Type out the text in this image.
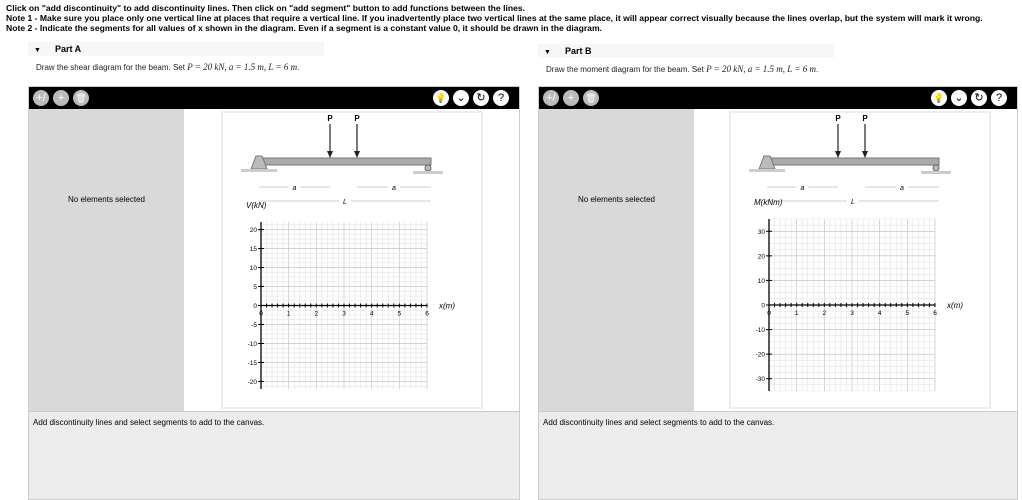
Click on "add discontinuity" to add discontinuity lines. Then click on "add segment" button to add functions between the lines.
Note 1 - Make sure you place only one vertical line at places that require a vertical line. If you inadvertently place two vertical lines at the same place, it will appear correct visually because the lines overlap, but the system will mark it wrong.
Note 2 - Indicate the segments for all values of x shown in the diagram. Even if a segment is a constant value 0, it should be drawn in the diagram.
▼ Part A
Draw the shear diagram for the beam. Set P = 20 kN, a = 1.5 m, L = 6 m.
+/	+	🗑	💡 ⌄ ↻	?
No elements selected
P	P
a	a
L
V(kN)
0	1	2	3	4	5	6
20
15
10
5
0
-5
-10
-15
-20
x(m)
Add discontinuity lines and select segments to add to the canvas.
▼ Part B
Draw the moment diagram for the beam. Set P = 20 kN, a = 1.5 m, L = 6 m.
+/	+	🗑	💡 ⌄ ↻	?
No elements selected
P	P
a	a
L
M(kNm)
0	1	2	3	4	5	6
30
20
10
0
-10
-20
-30
x(m)
Add discontinuity lines and select segments to add to the canvas.
